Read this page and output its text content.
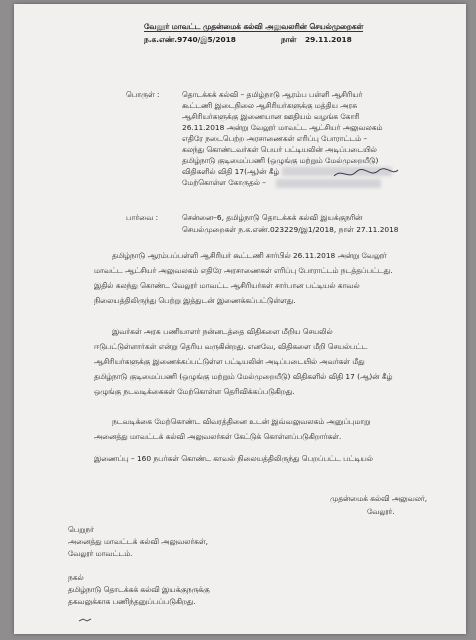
வேலூர் மாவட்ட முதன்மைக் கல்வி அலுவலரின் செயல்முறைகள்
ந.க.எண்.9740/இ5/2018	நாள் 29.11.2018
பொருள் :	தொடக்கக் கல்வி – தமிழ்நாடு ஆரம்ப பள்ளி ஆசிரியர்
கூட்டணி இடைநிலை ஆசிரியர்களுக்கு மத்திய அரசு
ஆசிரியர்களுக்கு இணையான ஊதியம் வழங்க கோரி
26.11.2018 அன்று வேலூர் மாவட்ட ஆட்சியர் அலுவலகம்
எதிரே நடைபெற்ற அரசாணைகள் எரிப்பு போராட்டம் –
கலந்து கொண்டவர்கள் பெயர் பட்டியலின் அடிப்படையில்
தமிழ்நாடு குடிமைப்பணி (ஒழுங்கு மற்றும் மேல்முறையீடு)
விதிகளில் விதி 17(ஆ)ன் கீழ்
மேற்கொள்ள கோருதல் –
பார்வை :	சென்னை–6, தமிழ்நாடு தொடக்கக் கல்வி இயக்குநரின்
செயல்முறைகள் ந.க.எண்.023229/இ1/2018, நாள் 27.11.2018
தமிழ்நாடு ஆரம்பப்பள்ளி ஆசிரியர் கூட்டணி சார்பில் 26.11.2018 அன்று வேலூர்
மாவட்ட ஆட்சியர் அலுவலகம் எதிரே அரசாணைகள் எரிப்பு போராட்டம் நடத்தப்பட்டது.
இதில் கலந்து கொண்ட வேலூர் மாவட்ட ஆசிரியர்கள் சார்பான பட்டியல் காவல்
நிலையத்திலிருந்து பெற்று இத்துடன் இணைக்கப்பட்டுள்ளது.
இவர்கள் அரசு பணியாளர் நன்னடத்தை விதிகளை மீறிய செயலில்
ஈடுபட்டுள்ளார்கள் என்று தெரிய வருகின்றது. எனவே, விதிகளை மீறி செயல்பட்ட
ஆசிரியர்களுக்கு இணைக்கப்பட்டுள்ள பட்டியலின் அடிப்படையில் அவர்கள் மீது
தமிழ்நாடு குடிமைப்பணி (ஒழுங்கு மற்றும் மேல்முறையீடு) விதிகளில் விதி 17 (ஆ)ன் கீழ்
ஒழுங்கு நடவடிக்கைகள் மேற்கொள்ள தெரிவிக்கப்படுகிறது.
நடவடிக்கை மேற்கொண்ட விவரத்தினை உடன் இவ்வலுவலகம் அனுப்புமாறு
அனைத்து மாவட்டக் கல்வி அலுவலர்கள் கேட்டுக் கொள்ளப்படுகிறார்கள்.
இணைப்பு – 160 நபர்கள் கொண்ட காவல் நிலையத்திலிருந்து பெறப்பட்ட பட்டியல்
முதன்மைக் கல்வி அலுவலர்,
வேலூர்.
பெறுநர்
அனைத்து மாவட்டக் கல்வி அலுவலர்கள்,
வேலூர் மாவட்டம்.
நகல்
தமிழ்நாடு தொடக்கக் கல்வி இயக்குநருக்கு
தகவலுக்காக பணிந்தனுப்பப்படுகிறது.
